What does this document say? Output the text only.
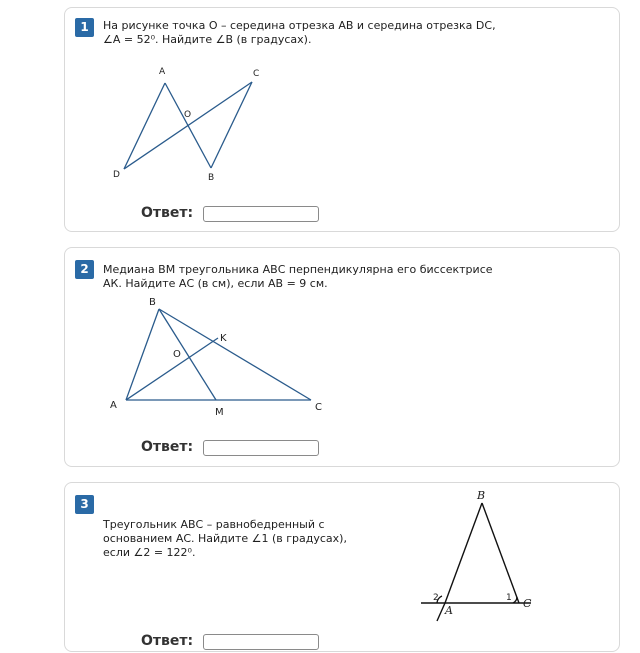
1	На рисунке точка О – середина отрезка АВ и середина отрезка DC,
∠А = 52⁰. Найдите ∠В (в градусах).
A	C
O
D	B
Ответ:
2	Медиана ВМ треугольника АВС перпендикулярна его биссектрисе
АК. Найдите АС (в см), если АВ = 9 см.
B
K
O
A
M	C
Ответ:
3
Треугольник АВС – равнобедренный с
основанием АС. Найдите ∠1 (в градусах),
если ∠2 = 122⁰.
B
A
C
1
2
Ответ:
